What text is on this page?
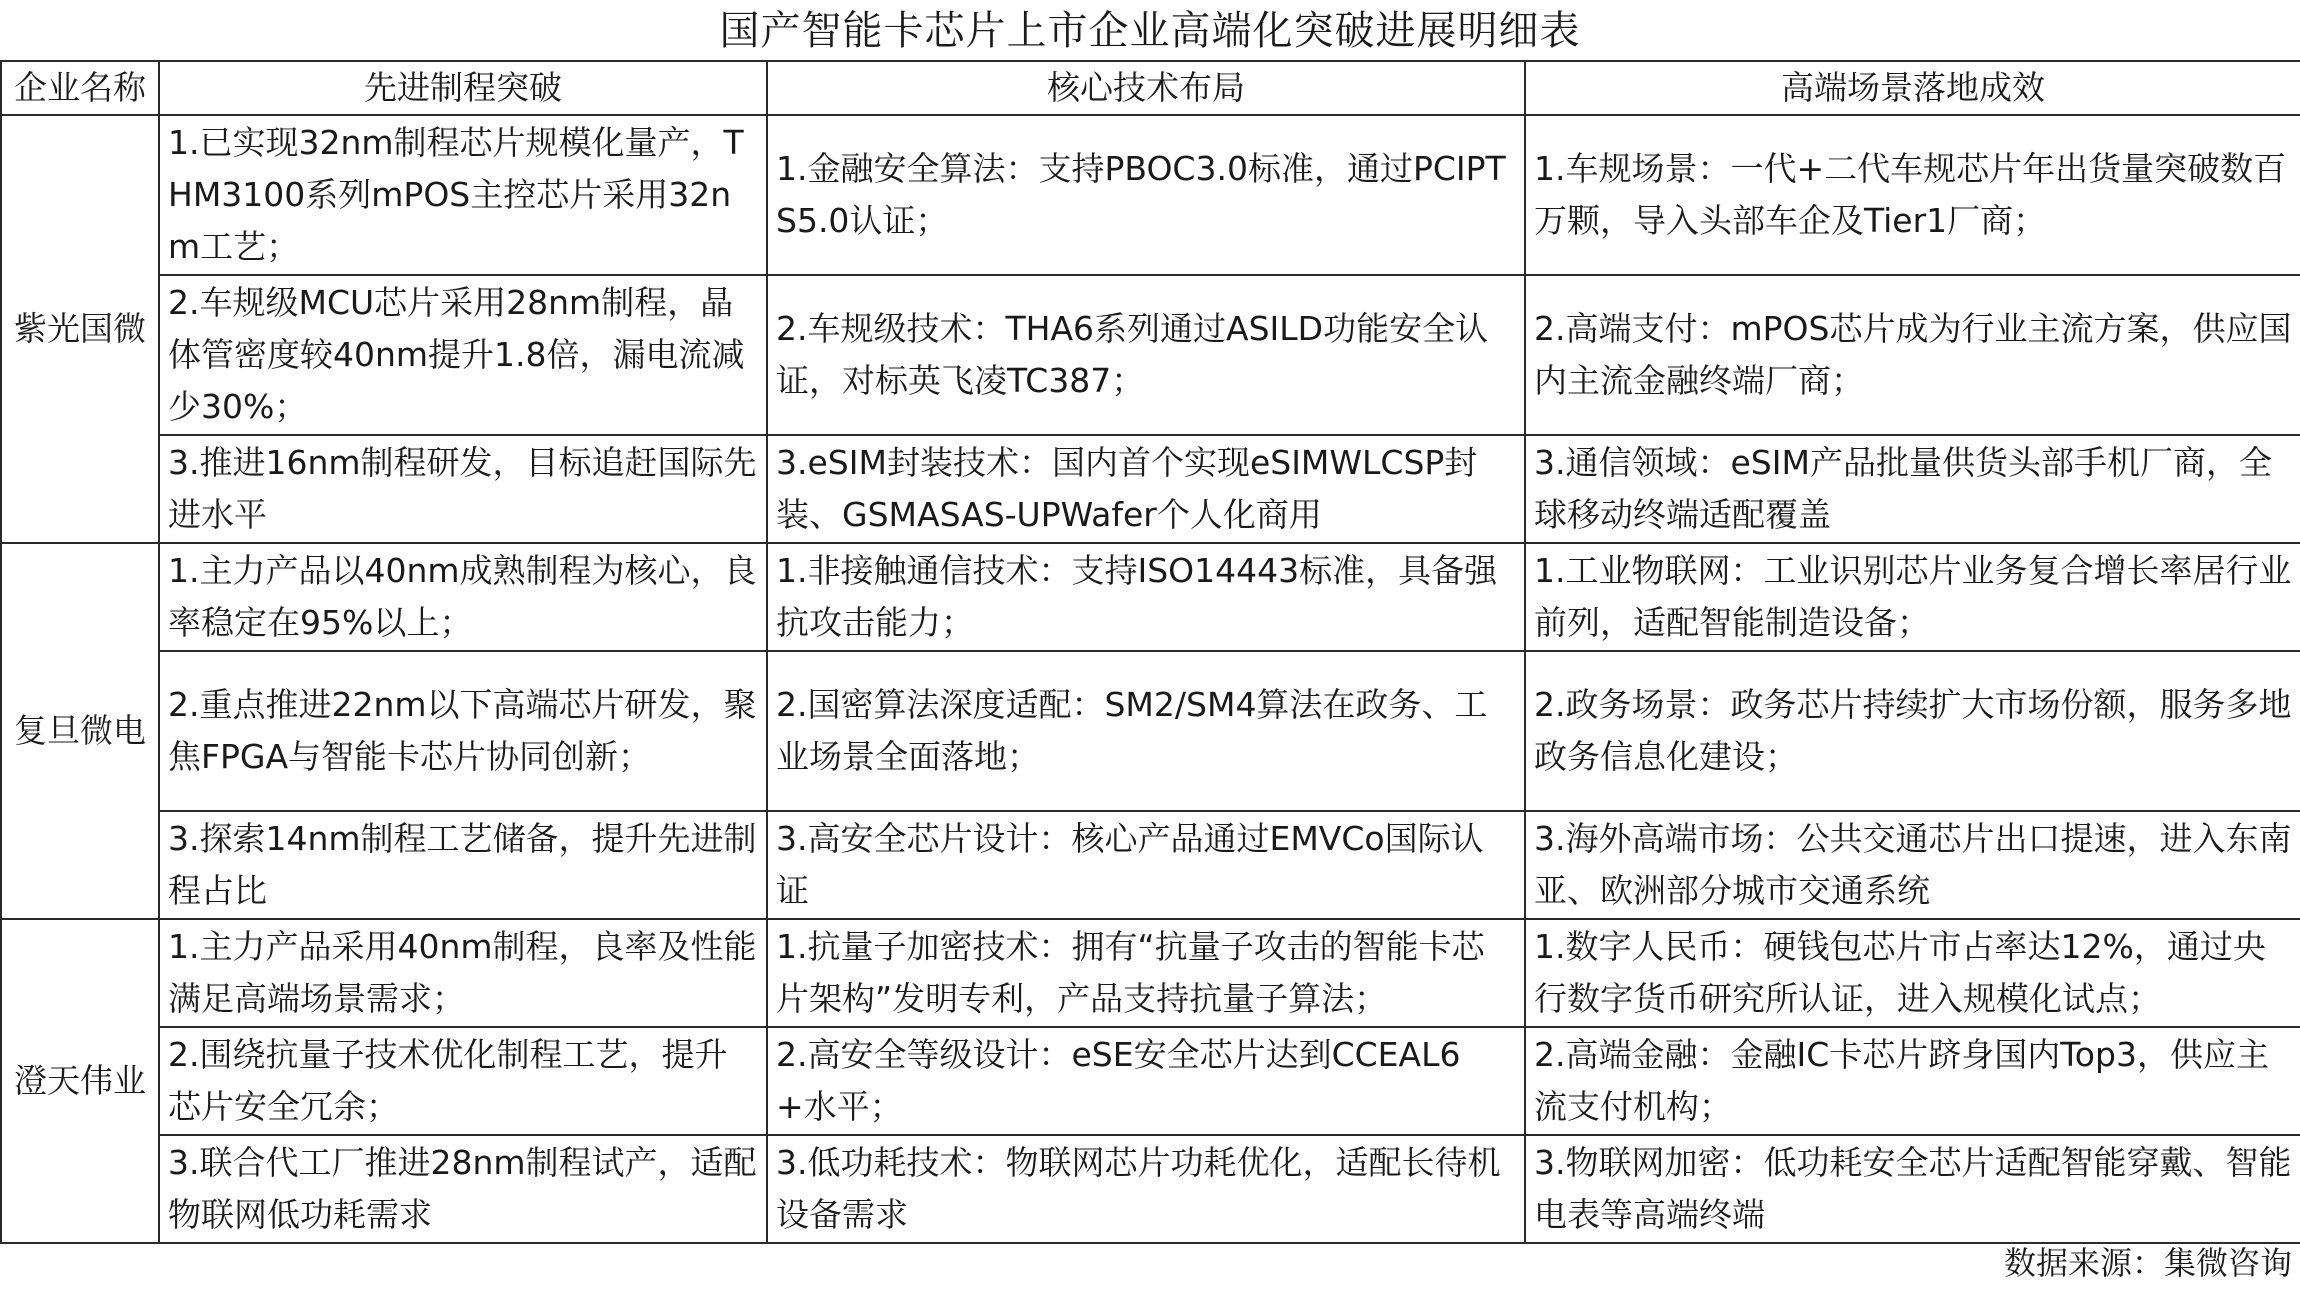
国产智能卡芯片上市企业高端化突破进展明细表
企业名称	先进制程突破	核心技术布局	高端场景落地成效
紫光国微	1.已实现32nm制程芯片规模化量产，THM3100系列mPOS主控芯片采用32nm工艺；	1.金融安全算法：支持PBOC3.0标准，通过PCIPTS5.0认证；	1.车规场景：一代+二代车规芯片年出货量突破数百万颗，导入头部车企及Tier1厂商；
	2.车规级MCU芯片采用28nm制程，晶体管密度较40nm提升1.8倍，漏电流减少30%；	2.车规级技术：THA6系列通过ASILD功能安全认证，对标英飞凌TC387；	2.高端支付：mPOS芯片成为行业主流方案，供应国内主流金融终端厂商；
	3.推进16nm制程研发，目标追赶国际先进水平	3.eSIM封装技术：国内首个实现eSIMWLCSP封装、GSMASAS-UPWafer个人化商用	3.通信领域：eSIM产品批量供货头部手机厂商，全球移动终端适配覆盖
复旦微电	1.主力产品以40nm成熟制程为核心，良率稳定在95%以上；	1.非接触通信技术：支持ISO14443标准，具备强抗攻击能力；	1.工业物联网：工业识别芯片业务复合增长率居行业前列，适配智能制造设备；
	2.重点推进22nm以下高端芯片研发，聚焦FPGA与智能卡芯片协同创新；	2.国密算法深度适配：SM2/SM4算法在政务、工业场景全面落地；	2.政务场景：政务芯片持续扩大市场份额，服务多地政务信息化建设；
	3.探索14nm制程工艺储备，提升先进制程占比	3.高安全芯片设计：核心产品通过EMVCo国际认证	3.海外高端市场：公共交通芯片出口提速，进入东南亚、欧洲部分城市交通系统
澄天伟业	1.主力产品采用40nm制程，良率及性能满足高端场景需求；	1.抗量子加密技术：拥有“抗量子攻击的智能卡芯片架构”发明专利，产品支持抗量子算法；	1.数字人民币：硬钱包芯片市占率达12%，通过央行数字货币研究所认证，进入规模化试点；
	2.围绕抗量子技术优化制程工艺，提升芯片安全冗余；	2.高安全等级设计：eSE安全芯片达到CCEAL6+水平；	2.高端金融：金融IC卡芯片跻身国内Top3，供应主流支付机构；
	3.联合代工厂推进28nm制程试产，适配物联网低功耗需求	3.低功耗技术：物联网芯片功耗优化，适配长待机设备需求	3.物联网加密：低功耗安全芯片适配智能穿戴、智能电表等高端终端
数据来源：集微咨询
